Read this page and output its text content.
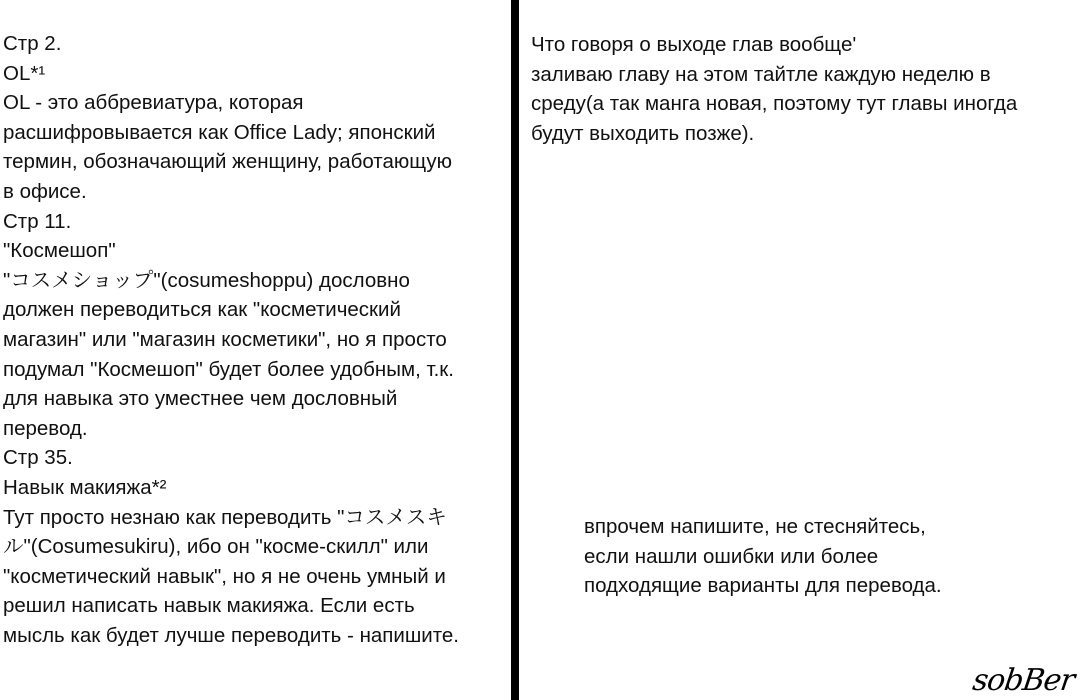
Стр 2.
OL*¹
OL - это аббревиатура, которая
расшифровывается как Office Lady; японский
термин, обозначающий женщину, работающую
в офисе.
Стр 11.
"Космешоп"
"コスメショップ"(cosumeshoppu) дословно
должен переводиться как "косметический
магазин" или "магазин косметики", но я просто
подумал "Космешоп" будет более удобным, т.к.
для навыка это уместнее чем дословный
перевод.
Стр 35.
Навык макияжа*²
Тут просто незнаю как переводить "コスメスキ
ル"(Cosumesukiru), ибо он "косме-скилл" или
"косметический навык", но я не очень умный и
решил написать навык макияжа. Если есть
мысль как будет лучше переводить - напишите.
Что говоря о выходе глав вообще'
заливаю главу на этом тайтле каждую неделю в
среду(а так манга новая, поэтому тут главы иногда
будут выходить позже).
впрочем напишите, не стесняйтесь,
если нашли ошибки или более
подходящие варианты для перевода.
sobBer
